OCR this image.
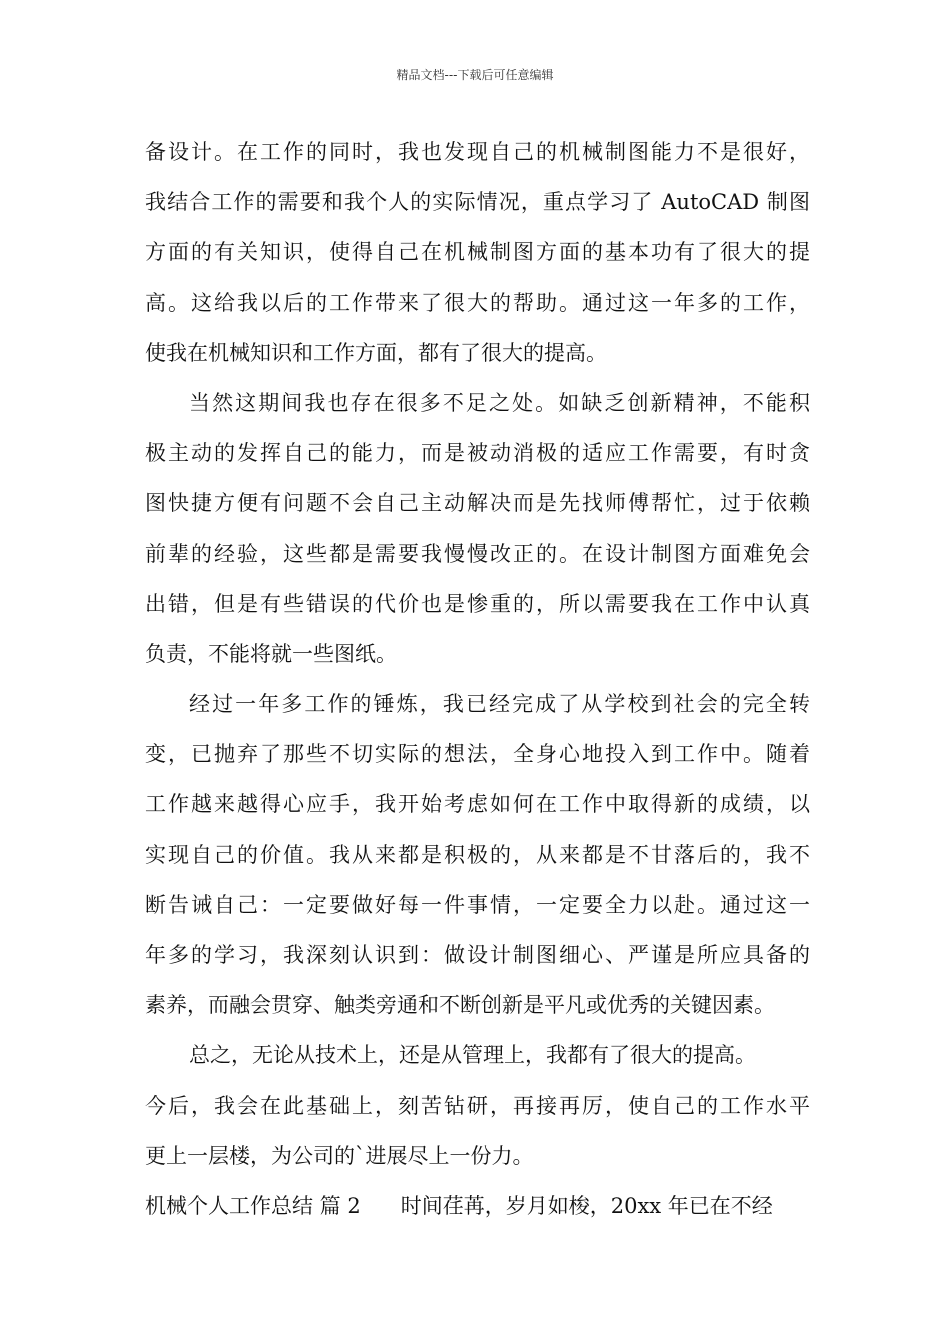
精品文档---下载后可任意编辑
备设计。在工作的同时，我也发现自己的机械制图能力不是很好，
我结合工作的需要和我个人的实际情况，重点学习了 AutoCAD 制图
方面的有关知识，使得自己在机械制图方面的基本功有了很大的提
高。这给我以后的工作带来了很大的帮助。通过这一年多的工作，
使我在机械知识和工作方面，都有了很大的提高。
当然这期间我也存在很多不足之处。如缺乏创新精神，不能积
极主动的发挥自己的能力，而是被动消极的适应工作需要，有时贪
图快捷方便有问题不会自己主动解决而是先找师傅帮忙，过于依赖
前辈的经验，这些都是需要我慢慢改正的。在设计制图方面难免会
出错，但是有些错误的代价也是惨重的，所以需要我在工作中认真
负责，不能将就一些图纸。
经过一年多工作的锤炼，我已经完成了从学校到社会的完全转
变，已抛弃了那些不切实际的想法，全身心地投入到工作中。随着
工作越来越得心应手，我开始考虑如何在工作中取得新的成绩，以
实现自己的价值。我从来都是积极的，从来都是不甘落后的，我不
断告诫自己：一定要做好每一件事情，一定要全力以赴。通过这一
年多的学习，我深刻认识到：做设计制图细心、严谨是所应具备的
素养，而融会贯穿、触类旁通和不断创新是平凡或优秀的关键因素。
总之，无论从技术上，还是从管理上，我都有了很大的提高。
今后，我会在此基础上，刻苦钻研，再接再厉，使自己的工作水平
更上一层楼，为公司的`进展尽上一份力。
机械个人工作总结 篇 2 时间荏苒，岁月如梭，20xx 年已在不经
